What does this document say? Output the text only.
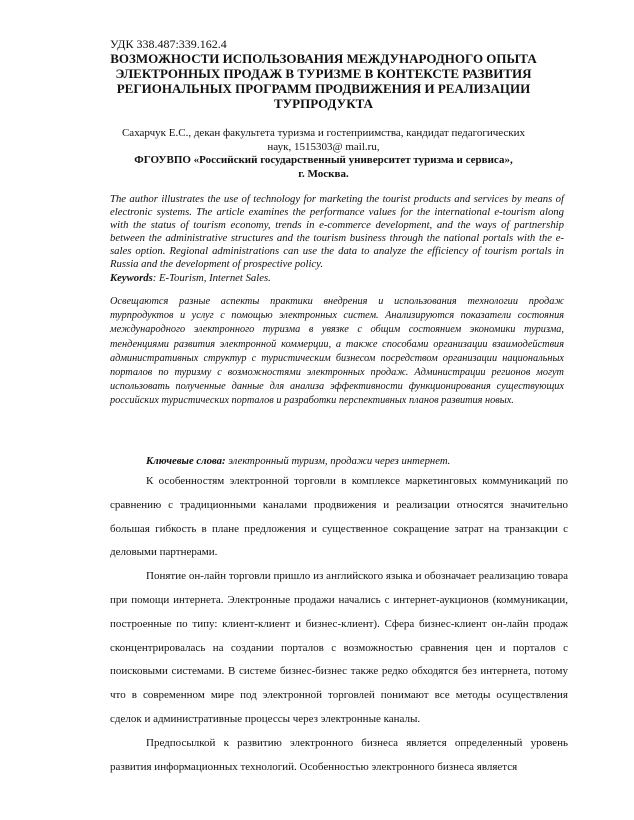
УДК 338.487:339.162.4
ВОЗМОЖНОСТИ ИСПОЛЬЗОВАНИЯ МЕЖДУНАРОДНОГО ОПЫТА
ЭЛЕКТРОННЫХ ПРОДАЖ В ТУРИЗМЕ В КОНТЕКСТЕ РАЗВИТИЯ
РЕГИОНАЛЬНЫХ ПРОГРАММ ПРОДВИЖЕНИЯ И РЕАЛИЗАЦИИ
ТУРПРОДУКТА
Сахарчук Е.С., декан факультета туризма и гостеприимства, кандидат педагогических наук, 1515303@ mail.ru,
ФГОУВПО «Российский государственный университет туризма и сервиса»,
г. Москва.

The author illustrates the use of technology for marketing the tourist products and services by means of electronic systems. The article examines the performance values for the international e-tourism along with the status of tourism economy, trends in e-commerce development, and the ways of partnership between the administrative structures and the tourism business through the national portals with the e-sales option. Regional administrations can use the data to analyze the efficiency of tourism portals in Russia and the development of prospective policy.

Keywords: E-Tourism, Internet Sales.

Освещаются разные аспекты практики внедрения и использования технологии продаж турпродуктов и услуг с помощью электронных систем. Анализируются показатели состояния международного электронного туризма в увязке с общим состоянием экономики туризма, тенденциями развития электронной коммерции, а также способами организации взаимодействия административных структур с туристическим бизнесом посредством организации национальных порталов по туризму с возможностями электронных продаж. Администрации регионов могут использовать полученные данные для анализа эффективности функционирования существующих российских туристических порталов и разработки перспективных планов развития новых.

Ключевые слова: электронный туризм, продажи через интернет.

К особенностям электронной торговли в комплексе маркетинговых коммуникаций по сравнению с традиционными каналами продвижения и реализации относятся значительно большая гибкость в плане предложения и существенное сокращение затрат на транзакции с деловыми партнерами.

Понятие он-лайн торговли пришло из английского языка и обозначает реализацию товара при помощи интернета. Электронные продажи начались с интернет-аукционов (коммуникации, построенные по типу: клиент-клиент и бизнес-клиент). Сфера бизнес-клиент он-лайн продаж сконцентрировалась на создании порталов с возможностью сравнения цен и порталов с поисковыми системами. В системе бизнес-бизнес также редко обходятся без интернета, потому что в современном мире под электронной торговлей понимают все методы осуществления сделок и административные процессы через электронные каналы.

Предпосылкой к развитию электронного бизнеса является определенный уровень развития информационных технологий. Особенностью электронного бизнеса является
